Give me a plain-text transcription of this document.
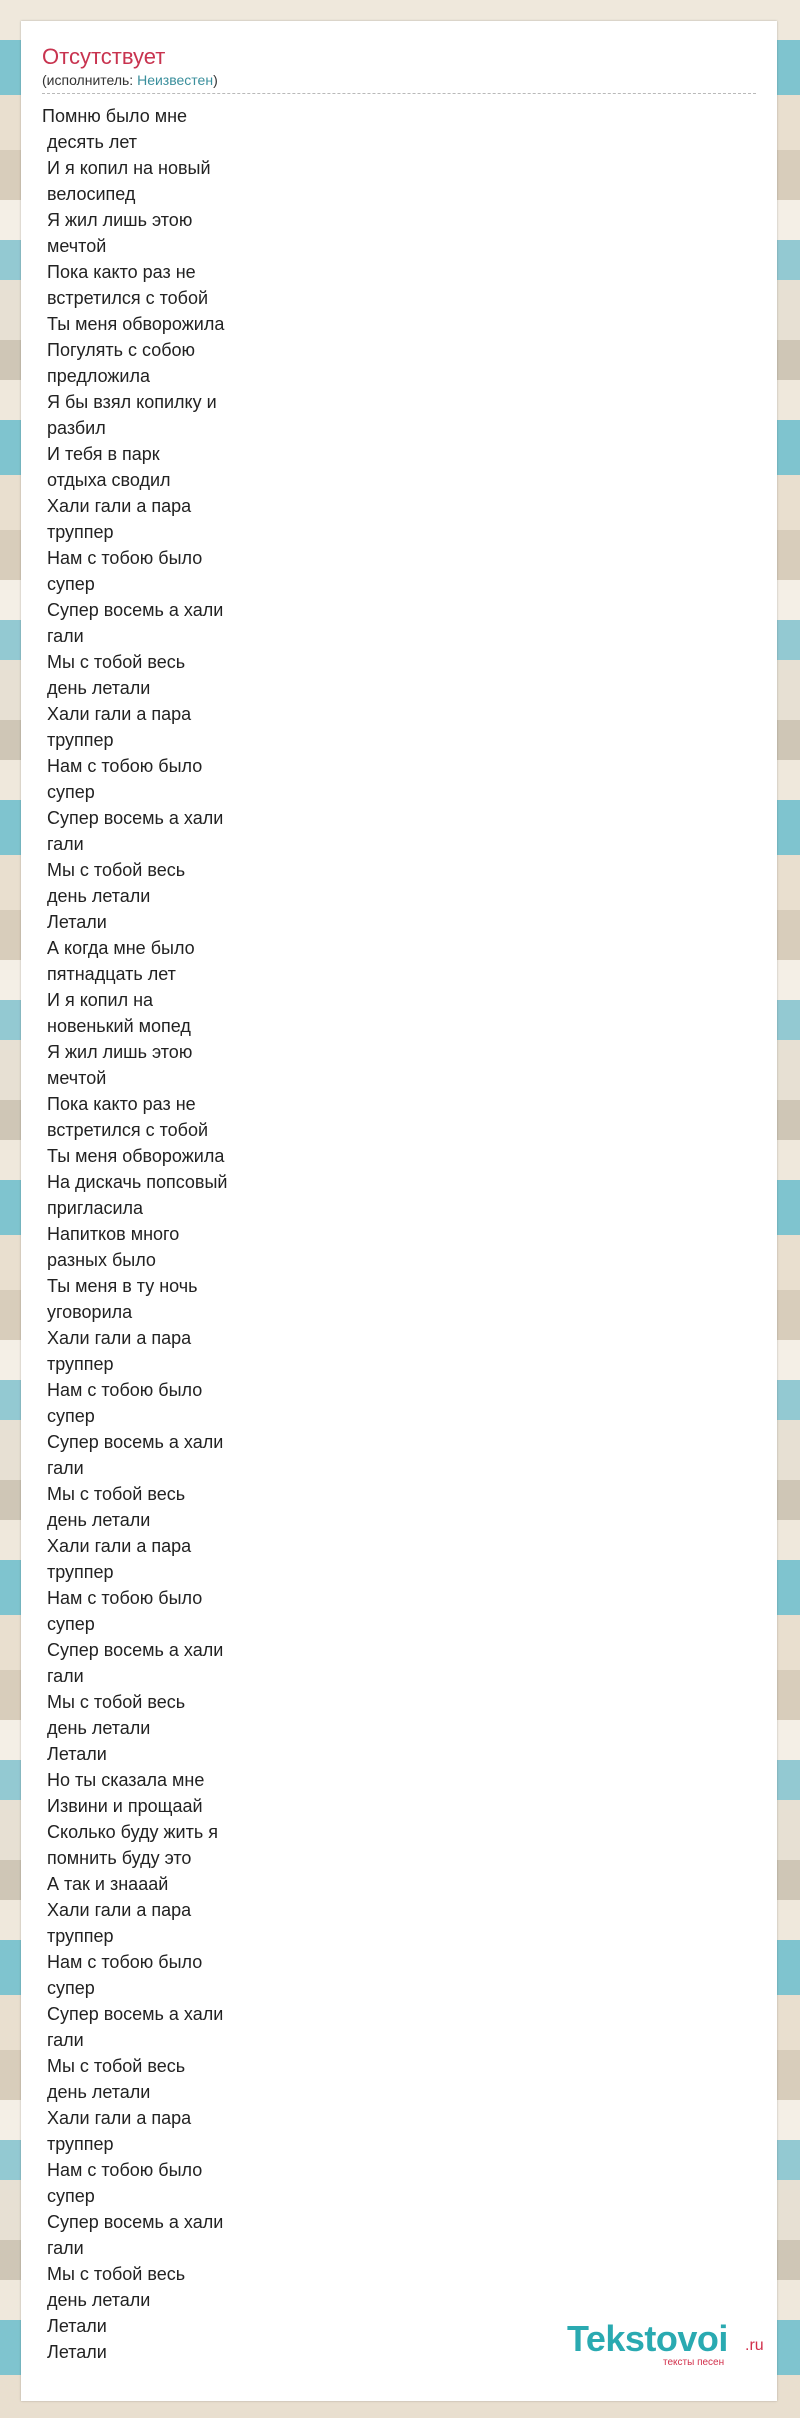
Отсутствует
(исполнитель: Неизвестен)
Помню было мне
десять лет
И я копил на новый
велосипед
Я жил лишь этою
мечтой
Пока както раз не
встретился с тобой
Ты меня обворожила
Погулять с собою
предложила
Я бы взял копилку и
разбил
И тебя в парк
отдыха сводил
Хали гали а пара
труппер
Нам с тобою было
супер
Супер восемь а хали
гали
Мы с тобой весь
день летали
Хали гали а пара
труппер
Нам с тобою было
супер
Супер восемь а хали
гали
Мы с тобой весь
день летали
Летали
А когда мне было
пятнадцать лет
И я копил на
новенький мопед
Я жил лишь этою
мечтой
Пока както раз не
встретился с тобой
Ты меня обворожила
На дискачь попсовый
пригласила
Напитков много
разных было
Ты меня в ту ночь
уговорила
Хали гали а пара
труппер
Нам с тобою было
супер
Супер восемь а хали
гали
Мы с тобой весь
день летали
Хали гали а пара
труппер
Нам с тобою было
супер
Супер восемь а хали
гали
Мы с тобой весь
день летали
Летали
Но ты сказала мне
Извини и прощаай
Сколько буду жить я
помнить буду это
А так и знааай
Хали гали а пара
труппер
Нам с тобою было
супер
Супер восемь а хали
гали
Мы с тобой весь
день летали
Хали гали а пара
труппер
Нам с тобою было
супер
Супер восемь а хали
гали
Мы с тобой весь
день летали
Летали
Летали	Tekstovoi .ru
тексты песен
